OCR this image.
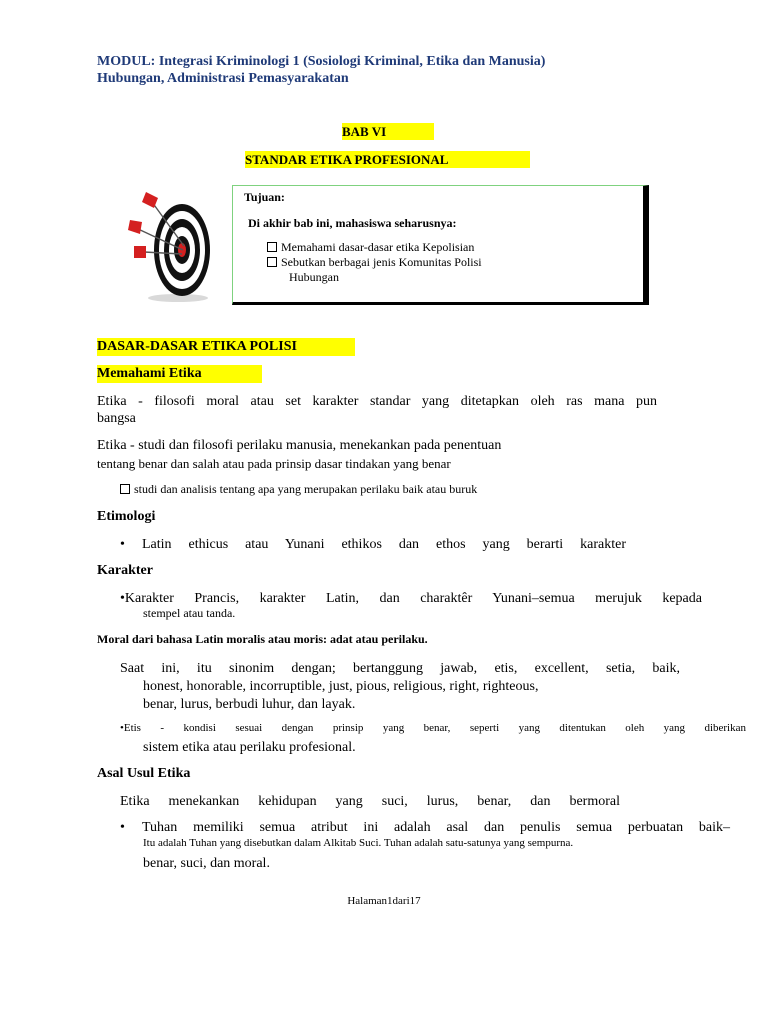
MODUL: Integrasi Kriminologi 1 (Sosiologi Kriminal, Etika dan Manusia)
Hubungan, Administrasi Pemasyarakatan
BAB VI
STANDAR ETIKA PROFESIONAL
Tujuan:
Di akhir bab ini, mahasiswa seharusnya:
Memahami dasar-dasar etika Kepolisian
Sebutkan berbagai jenis Komunitas Polisi
Hubungan
DASAR-DASAR ETIKA POLISI
Memahami Etika
Etika - filosofi moral atau set karakter standar yang ditetapkan oleh ras mana pun
bangsa
Etika - studi dan filosofi perilaku manusia, menekankan pada penentuan
tentang benar dan salah atau pada prinsip dasar tindakan yang benar
studi dan analisis tentang apa yang merupakan perilaku baik atau buruk
Etimologi
• Latin ethicus atau Yunani ethikos dan ethos yang berarti karakter
Karakter
•Karakter Prancis, karakter Latin, dan charaktêr Yunani–semua merujuk kepada
stempel atau tanda.
Moral dari bahasa Latin moralis atau moris: adat atau perilaku.
Saat ini, itu sinonim dengan; bertanggung jawab, etis, excellent, setia, baik,
honest, honorable, incorruptible, just, pious, religious, right, righteous,
benar, lurus, berbudi luhur, dan layak.
•Etis - kondisi sesuai dengan prinsip yang benar, seperti yang ditentukan oleh yang diberikan
sistem etika atau perilaku profesional.
Asal Usul Etika
Etika menekankan kehidupan yang suci, lurus, benar, dan bermoral
• Tuhan memiliki semua atribut ini adalah asal dan penulis semua perbuatan baik–
Itu adalah Tuhan yang disebutkan dalam Alkitab Suci. Tuhan adalah satu-satunya yang sempurna.
benar, suci, dan moral.
Halaman1dari17
